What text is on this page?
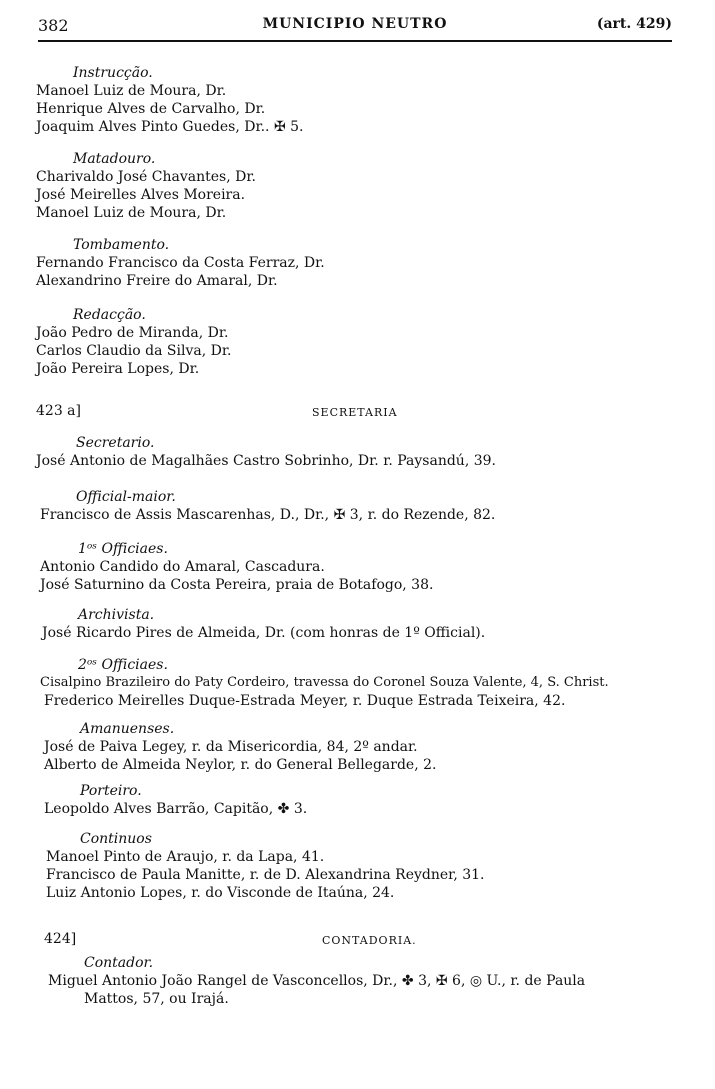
382	MUNICIPIO NEUTRO	(art. 429)
Instrucção.
Manoel Luiz de Moura, Dr.
Henrique Alves de Carvalho, Dr.
Joaquim Alves Pinto Guedes, Dr.. ✠ 5.
Matadouro.
Charivaldo José Chavantes, Dr.
José Meirelles Alves Moreira.
Manoel Luiz de Moura, Dr.
Tombamento.
Fernando Francisco da Costa Ferraz, Dr.
Alexandrino Freire do Amaral, Dr.
Redacção.
João Pedro de Miranda, Dr.
Carlos Claudio da Silva, Dr.
João Pereira Lopes, Dr.
423 a]	SECRETARIA
Secretario.
José Antonio de Magalhães Castro Sobrinho, Dr. r. Paysandú, 39.
Official-maior.
Francisco de Assis Mascarenhas, D., Dr., ✠ 3, r. do Rezende, 82.
1ᵒˢ Officiaes.
Antonio Candido do Amaral, Cascadura.
José Saturnino da Costa Pereira, praia de Botafogo, 38.
Archivista.
José Ricardo Pires de Almeida, Dr. (com honras de 1º Official).
2ᵒˢ Officiaes.
Cisalpino Brazileiro do Paty Cordeiro, travessa do Coronel Souza Valente, 4, S. Christ.
Frederico Meirelles Duque-Estrada Meyer, r. Duque Estrada Teixeira, 42.
Amanuenses.
José de Paiva Legey, r. da Misericordia, 84, 2º andar.
Alberto de Almeida Neylor, r. do General Bellegarde, 2.
Porteiro.
Leopoldo Alves Barrão, Capitão, ✤ 3.
Continuos
Manoel Pinto de Araujo, r. da Lapa, 41.
Francisco de Paula Manitte, r. de D. Alexandrina Reydner, 31.
Luiz Antonio Lopes, r. do Visconde de Itaúna, 24.
424]	CONTADORIA.
Contador.
Miguel Antonio João Rangel de Vasconcellos, Dr., ✤ 3, ✠ 6, ◎ U., r. de Paula
Mattos, 57, ou Irajá.
